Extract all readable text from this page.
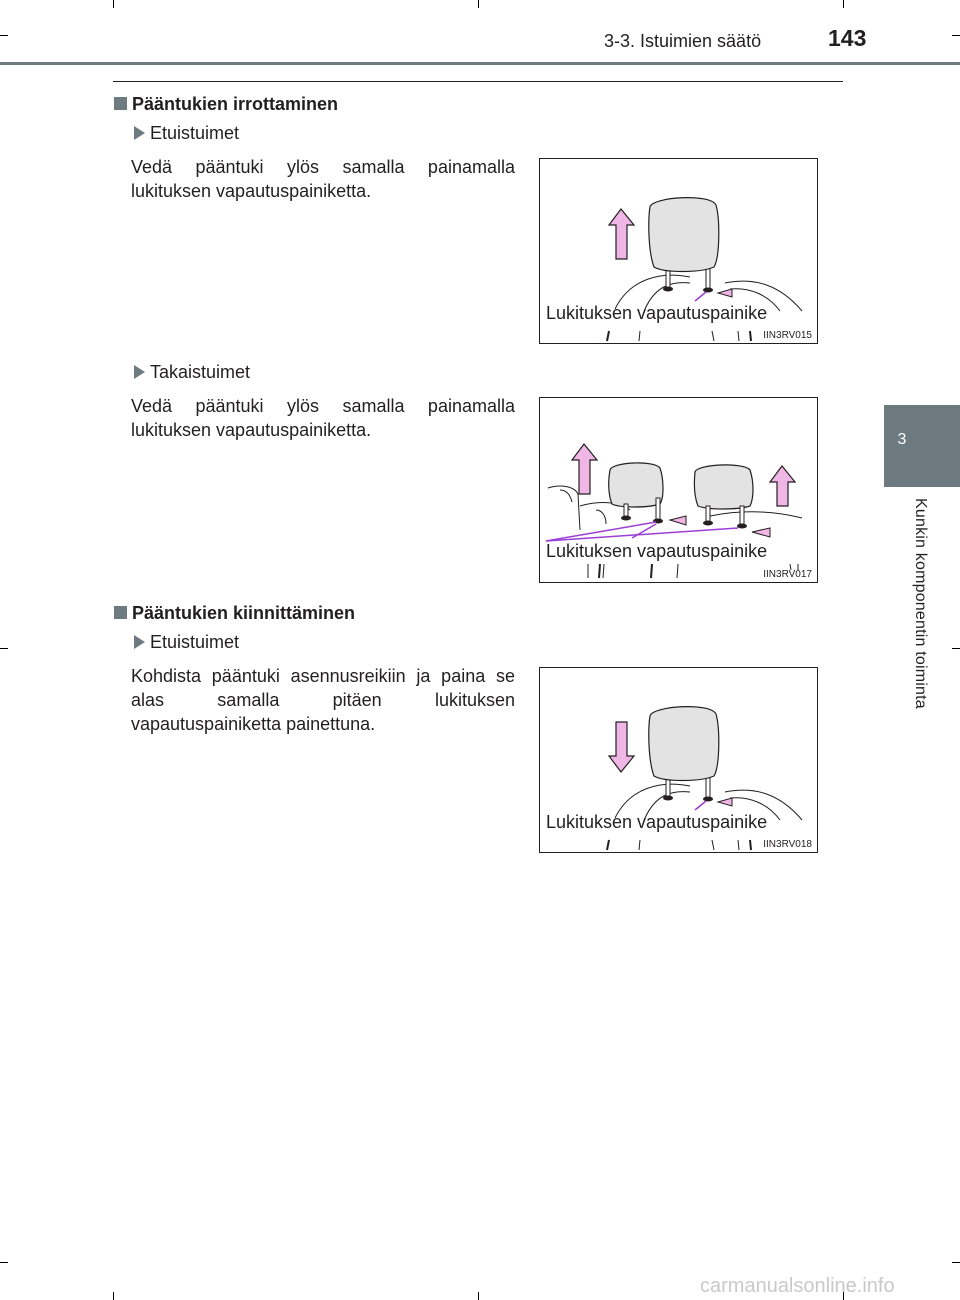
3-3. Istuimien säätö	143
3
Kunkin komponentin toiminta
Pääntukien irrottaminen
Etuistuimet
Vedä pääntuki ylös samalla painamalla lukituksen vapautuspainiketta.
Lukituksen vapautuspainike
IIN3RV015
Takaistuimet
Vedä pääntuki ylös samalla painamalla lukituksen vapautuspainiketta.
Lukituksen vapautuspainike
IIN3RV017
Pääntukien kiinnittäminen
Etuistuimet
Kohdista pääntuki asennusreikiin ja paina se alas samalla pitäen lukituksen vapautuspainiketta painettuna.
Lukituksen vapautuspainike
IIN3RV018
carmanualsonline.info
